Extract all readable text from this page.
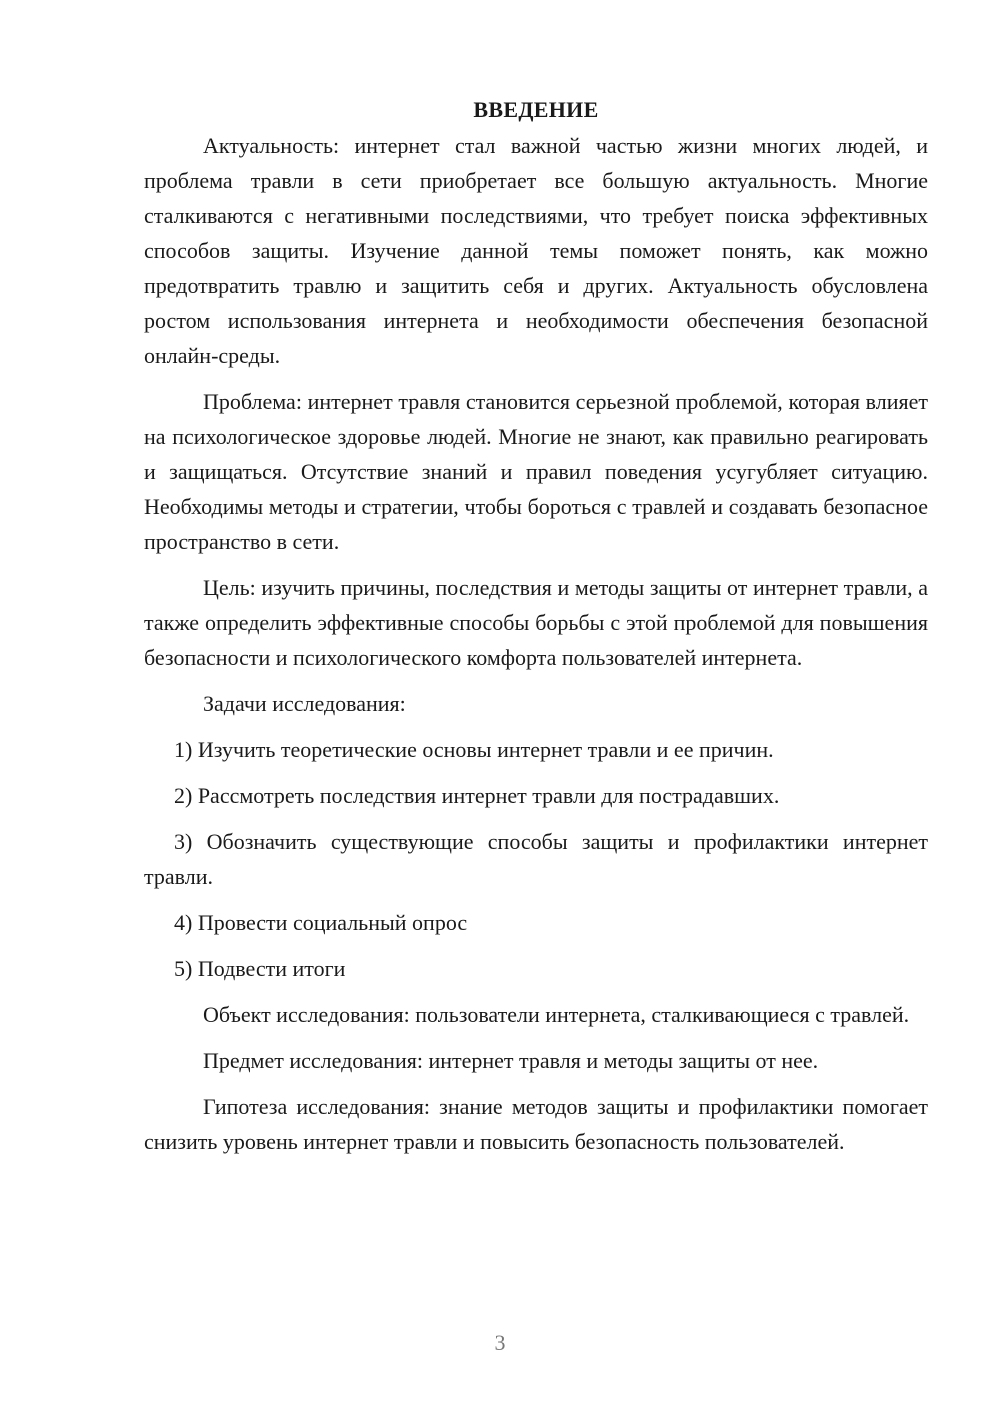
ВВЕДЕНИЕ

Актуальность: интернет стал важной частью жизни многих людей, и проблема травли в сети приобретает все большую актуальность. Многие сталкиваются с негативными последствиями, что требует поиска эффективных способов защиты. Изучение данной темы поможет понять, как можно предотвратить травлю и защитить себя и других. Актуальность обусловлена ростом использования интернета и необходимости обеспечения безопасной онлайн-среды.

Проблема: интернет травля становится серьезной проблемой, которая влияет на психологическое здоровье людей. Многие не знают, как правильно реагировать и защищаться. Отсутствие знаний и правил поведения усугубляет ситуацию. Необходимы методы и стратегии, чтобы бороться с травлей и создавать безопасное пространство в сети.

Цель: изучить причины, последствия и методы защиты от интернет травли, а также определить эффективные способы борьбы с этой проблемой для повышения безопасности и психологического комфорта пользователей интернета.

Задачи исследования:

1) Изучить теоретические основы интернет травли и ее причин.

2) Рассмотреть последствия интернет травли для пострадавших.

3) Обозначить существующие способы защиты и профилактики интернет травли.

4) Провести социальный опрос

5) Подвести итоги

Объект исследования: пользователи интернета, сталкивающиеся с травлей.

Предмет исследования: интернет травля и методы защиты от нее.

Гипотеза исследования: знание методов защиты и профилактики помогает снизить уровень интернет травли и повысить безопасность пользователей.

3
